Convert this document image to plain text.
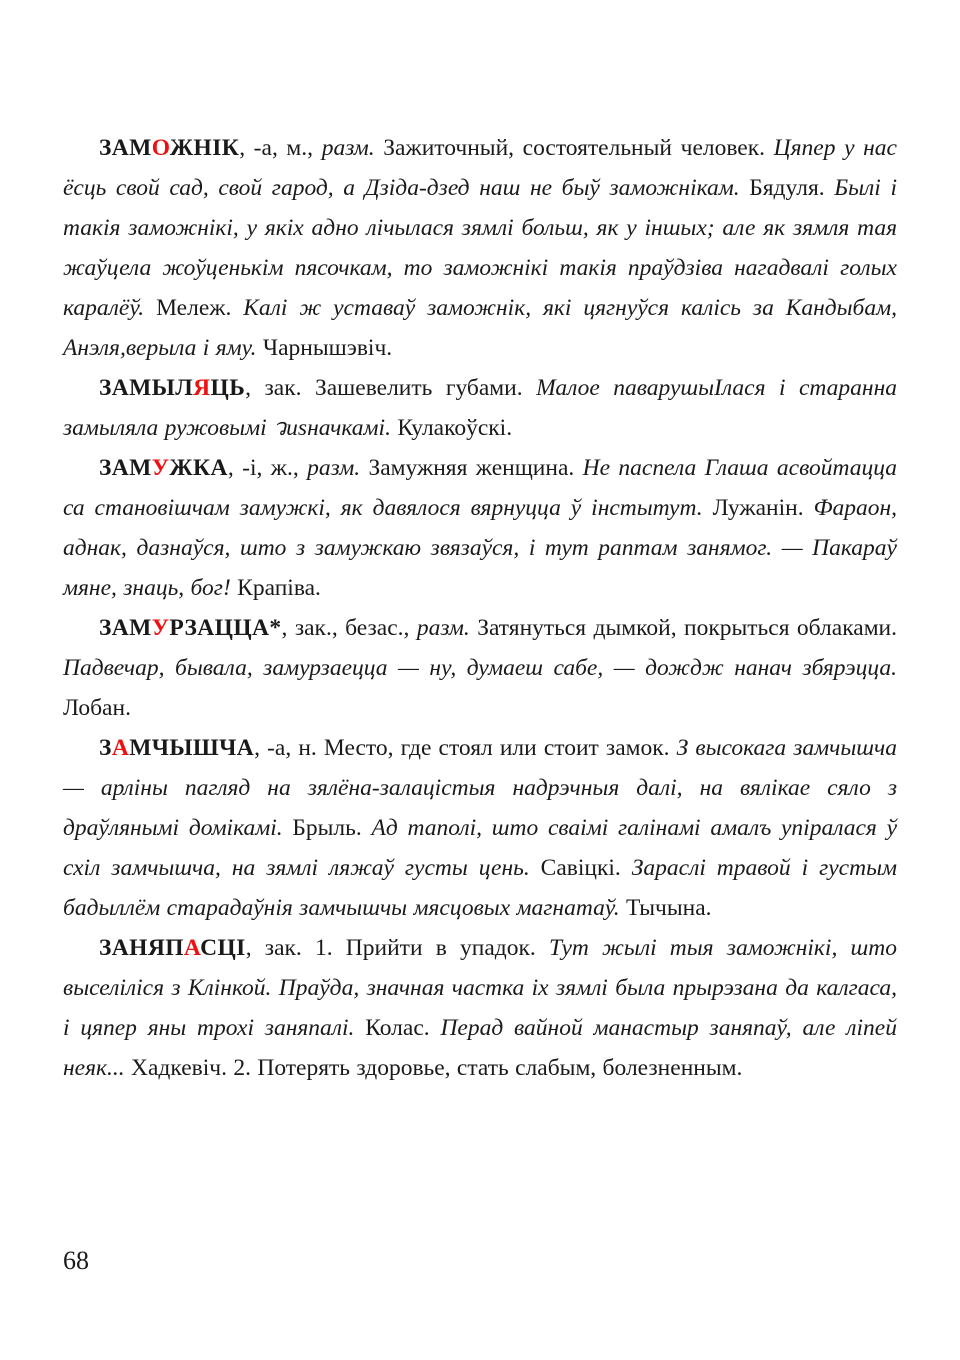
ЗАМОЖНІК, -а, м., разм. Зажиточный, состоятельный человек. Цяпер у нас ёсць свой сад, свой гарод, а Дзіда-дзед наш не быў заможнікам. Бядуля. Былі і такія заможнікі, у якіх адно лічылася зямлі больш, як у іншых; але як зямля тая жаўцела жоўценькім пясочкам, то заможнікі такія праўдзіва нагадвалі голых каралёў. Мележ. Калі ж уставаў заможнік, які цягнуўся калісь за Кандыбам, Анэля,верыла і яму. Чарнышэвіч.

ЗАМЫЛЯЦЬ, зак. Зашевелить губами. Малое паварушыIлася і старанна замыляла ружовымі วusначкамі. Кулакоўскі.

ЗАМУЖКА, -і, ж., разм. Замужняя женщина. Не паспела Глаша асвойтацца са становішчам замужкі, як давялося вярнуцца ў інстытут. Лужанін. Фараон, аднак, дазнаўся, што з замужкаю звязаўся, і тут раптам занямог. — Пакараў мяне, знаць, бог! Крапіва.

ЗАМУРЗАЦЦА*, зак., безас., разм. Затянуться дымкой, покрыться облаками. Падвечар, бывала, замурзаецца — ну, думаеш сабе, — дождж нанач збярэцца. Лобан.

ЗАМЧЫШЧА, -а, н. Место, где стоял или стоит замок. З высокага замчышча — арліны пагляд на зялёна-залацістыя надрэчныя далі, на вялікае сяло з драўлянымі домікамі. Брыль. Ад таполі, што сваімі галінамі амалъ упіралася ў схіл замчышча, на зямлі ляжаў густы цень. Савіцкі. Зараслі травой і густым бадыллём старадаўнія замчышчы мясцовых магнатаў. Тычына.

ЗАНЯПАСЦІ, зак. 1. Прийти в упадок. Тут жылі тыя заможнікі, што выселіліся з Клінкой. Праўда, значная частка іх зямлі была прырэзана да калгаса, і цяпер яны трохі заняпалі. Колас. Перад вайной манастыр заняпаў, але ліпей неяк... Хадкевіч. 2. Потерять здоровье, стать слабым, болезненным.

68
